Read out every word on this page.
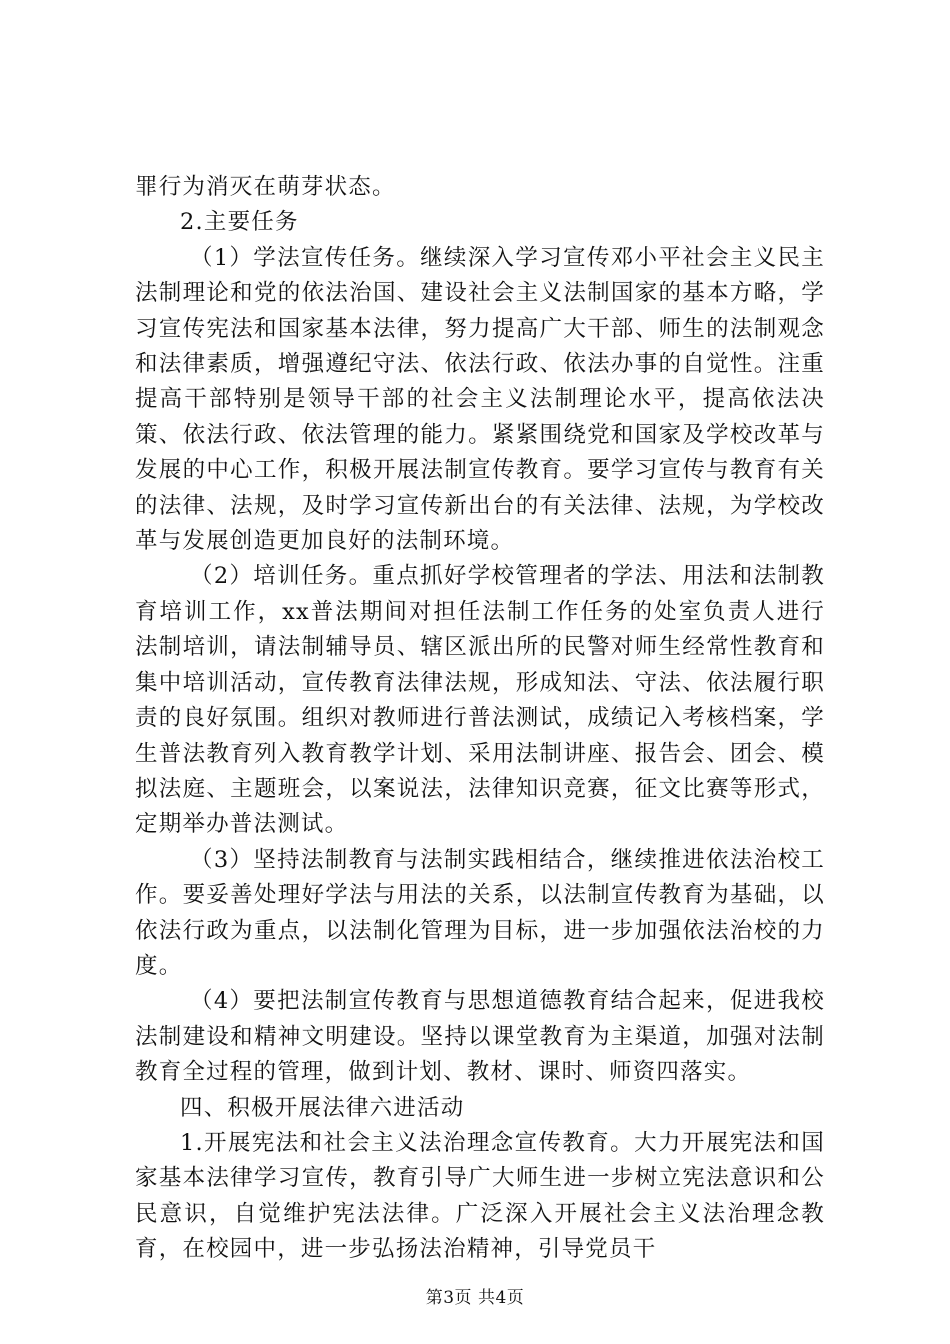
罪行为消灭在萌芽状态。

2.主要任务

（1）学法宣传任务。继续深入学习宣传邓小平社会主义民主法制理论和党的依法治国、建设社会主义法制国家的基本方略，学习宣传宪法和国家基本法律，努力提高广大干部、师生的法制观念和法律素质，增强遵纪守法、依法行政、依法办事的自觉性。注重提高干部特别是领导干部的社会主义法制理论水平，提高依法决策、依法行政、依法管理的能力。紧紧围绕党和国家及学校改革与发展的中心工作，积极开展法制宣传教育。要学习宣传与教育有关的法律、法规，及时学习宣传新出台的有关法律、法规，为学校改革与发展创造更加良好的法制环境。

（2）培训任务。重点抓好学校管理者的学法、用法和法制教育培训工作，xx普法期间对担任法制工作任务的处室负责人进行法制培训，请法制辅导员、辖区派出所的民警对师生经常性教育和集中培训活动，宣传教育法律法规，形成知法、守法、依法履行职责的良好氛围。组织对教师进行普法测试，成绩记入考核档案，学生普法教育列入教育教学计划、采用法制讲座、报告会、团会、模拟法庭、主题班会，以案说法，法律知识竞赛，征文比赛等形式，定期举办普法测试。

（3）坚持法制教育与法制实践相结合，继续推进依法治校工作。要妥善处理好学法与用法的关系，以法制宣传教育为基础，以依法行政为重点，以法制化管理为目标，进一步加强依法治校的力度。

（4）要把法制宣传教育与思想道德教育结合起来，促进我校法制建设和精神文明建设。坚持以课堂教育为主渠道，加强对法制教育全过程的管理，做到计划、教材、课时、师资四落实。

四、积极开展法律六进活动

1.开展宪法和社会主义法治理念宣传教育。大力开展宪法和国家基本法律学习宣传，教育引导广大师生进一步树立宪法意识和公民意识，自觉维护宪法法律。广泛深入开展社会主义法治理念教育，在校园中，进一步弘扬法治精神，引导党员干

第3页 共4页
